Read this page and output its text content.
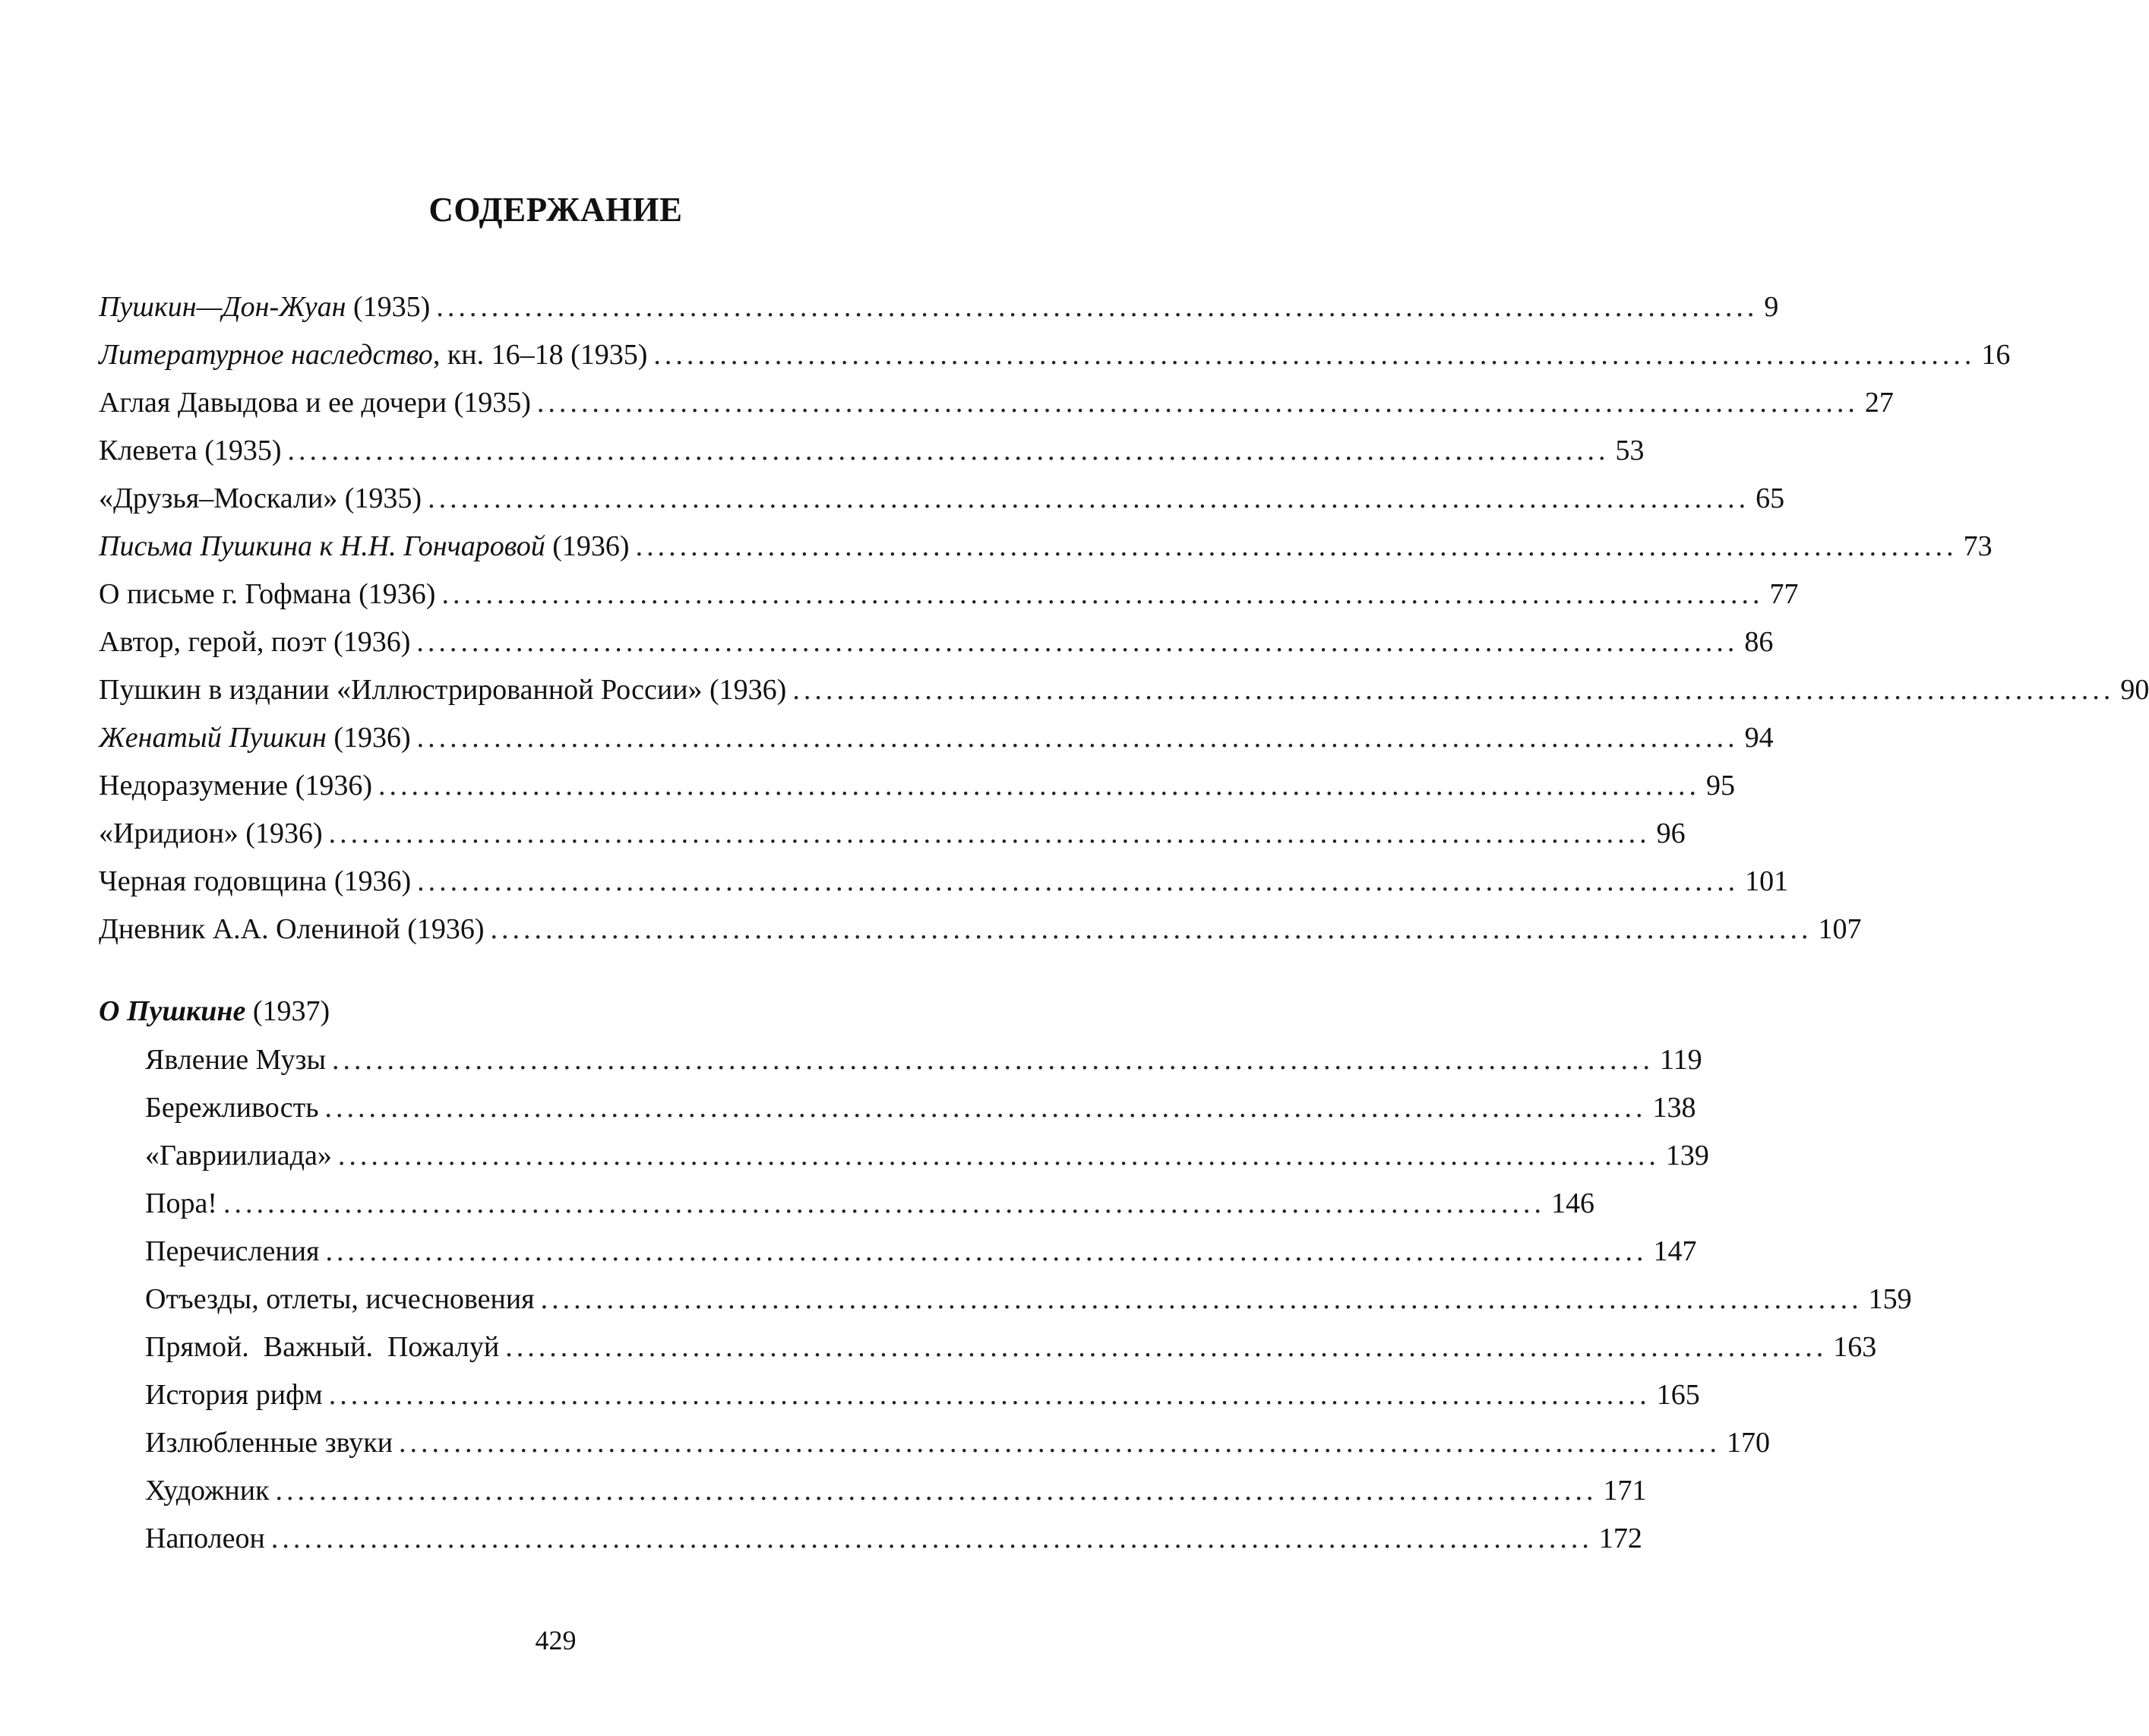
СОДЕРЖАНИЕ
Пушкин—Дон-Жуан (1935) ........................................................................................................................ 9
Литературное наследство, кн. 16–18 (1935) ........................................................................................................................ 16
Аглая Давыдова и ее дочери (1935) ........................................................................................................................ 27
Клевета (1935) ........................................................................................................................ 53
«Друзья–Москали» (1935) ........................................................................................................................ 65
Письма Пушкина к Н.Н. Гончаровой (1936) ........................................................................................................................ 73
О письме г. Гофмана (1936) ........................................................................................................................ 77
Автор, герой, поэт (1936) ........................................................................................................................ 86
Пушкин в издании «Иллюстрированной России» (1936) ........................................................................................................................ 90
Женатый Пушкин (1936) ........................................................................................................................ 94
Недоразумение (1936) ........................................................................................................................ 95
«Иридион» (1936) ........................................................................................................................ 96
Черная годовщина (1936) ........................................................................................................................ 101
Дневник А.А. Олениной (1936) ........................................................................................................................ 107
О Пушкине (1937)
Явление Музы ........................................................................................................................ 119
Бережливость ........................................................................................................................ 138
«Гавриилиада» ........................................................................................................................ 139
Пора! ........................................................................................................................ 146
Перечисления ........................................................................................................................ 147
Отъезды, отлеты, исчесновения ........................................................................................................................ 159
Прямой.  Важный.  Пожалуй ........................................................................................................................ 163
История рифм ........................................................................................................................ 165
Излюбленные звуки ........................................................................................................................ 170
Художник ........................................................................................................................ 171
Наполеон ........................................................................................................................ 172
429
